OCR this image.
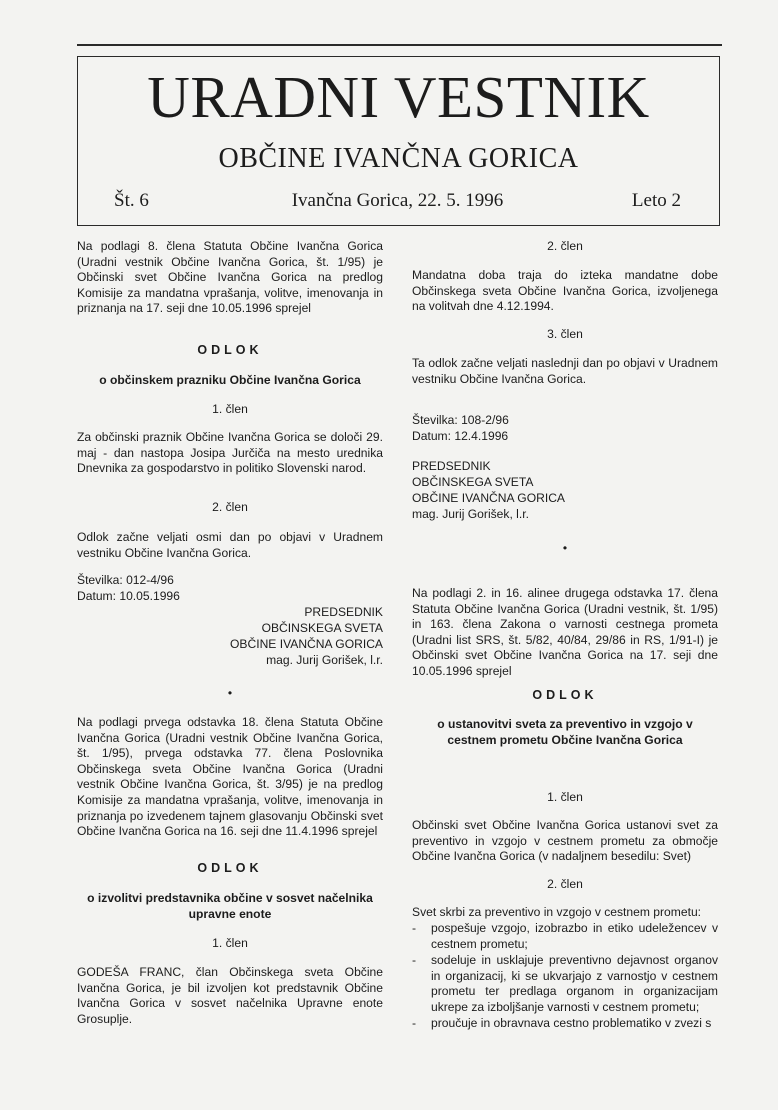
URADNI VESTNIK
OBČINE IVANČNA GORICA
Št. 6	Ivančna Gorica, 22. 5. 1996	Leto 2

Na podlagi 8. člena Statuta Občine Ivančna Gorica (Uradni vestnik Občine Ivančna Gorica, št. 1/95) je Občinski svet Občine Ivančna Gorica na predlog Komisije za mandatna vprašanja, volitve, imenovanja in priznanja na 17. seji dne 10.05.1996 sprejel

ODLOK

o občinskem prazniku Občine Ivančna Gorica

1. člen

Za občinski praznik Občine Ivančna Gorica se določi 29. maj - dan nastopa Josipa Jurčiča na mesto urednika Dnevnika za gospodarstvo in politiko Slovenski narod.

2. člen

Odlok začne veljati osmi dan po objavi v Uradnem vestniku Občine Ivančna Gorica.

Številka: 012-4/96

Datum: 10.05.1996

PREDSEDNIK

OBČINSKEGA SVETA

OBČINE IVANČNA GORICA

mag. Jurij Gorišek, l.r.

•

Na podlagi prvega odstavka 18. člena Statuta Občine Ivančna Gorica (Uradni vestnik Občine Ivančna Gorica, št. 1/95), prvega odstavka 77. člena Poslovnika Občinskega sveta Občine Ivančna Gorica (Uradni vestnik Občine Ivančna Gorica, št. 3/95) je na predlog Komisije za mandatna vprašanja, volitve, imenovanja in priznanja po izvedenem tajnem glasovanju Občinski svet Občine Ivančna Gorica na 16. seji dne 11.4.1996 sprejel

ODLOK

o izvolitvi predstavnika občine v sosvet načelnika upravne enote

1. člen

GODEŠA FRANC, član Občinskega sveta Občine Ivančna Gorica, je bil izvoljen kot predstavnik Občine Ivančna Gorica v sosvet načelnika Upravne enote Grosuplje.

2. člen

Mandatna doba traja do izteka mandatne dobe Občinskega sveta Občine Ivančna Gorica, izvoljenega na volitvah dne 4.12.1994.

3. člen

Ta odlok začne veljati naslednji dan po objavi v Uradnem vestniku Občine Ivančna Gorica.

Številka: 108-2/96

Datum: 12.4.1996

PREDSEDNIK

OBČINSKEGA SVETA

OBČINE IVANČNA GORICA

mag. Jurij Gorišek, l.r.

•

Na podlagi 2. in 16. alinee drugega odstavka 17. člena Statuta Občine Ivančna Gorica (Uradni vestnik, št. 1/95) in 163. člena Zakona o varnosti cestnega prometa (Uradni list SRS, št. 5/82, 40/84, 29/86 in RS, 1/91-I) je Občinski svet Občine Ivančna Gorica na 17. seji dne 10.05.1996 sprejel

ODLOK

o ustanovitvi sveta za preventivo in vzgojo v cestnem prometu Občine Ivančna Gorica

1. člen

Občinski svet Občine Ivančna Gorica ustanovi svet za preventivo in vzgojo v cestnem prometu za območje Občine Ivančna Gorica (v nadaljnem besedilu: Svet)

2. člen

Svet skrbi za preventivo in vzgojo v cestnem prometu:

- pospešuje vzgojo, izobrazbo in etiko udeležencev v cestnem prometu;
- sodeluje in usklajuje preventivno dejavnost organov in organizacij, ki se ukvarjajo z varnostjo v cestnem prometu ter predlaga organom in organizacijam ukrepe za izboljšanje varnosti v cestnem prometu;
- proučuje in obravnava cestno problematiko v zvezi s
